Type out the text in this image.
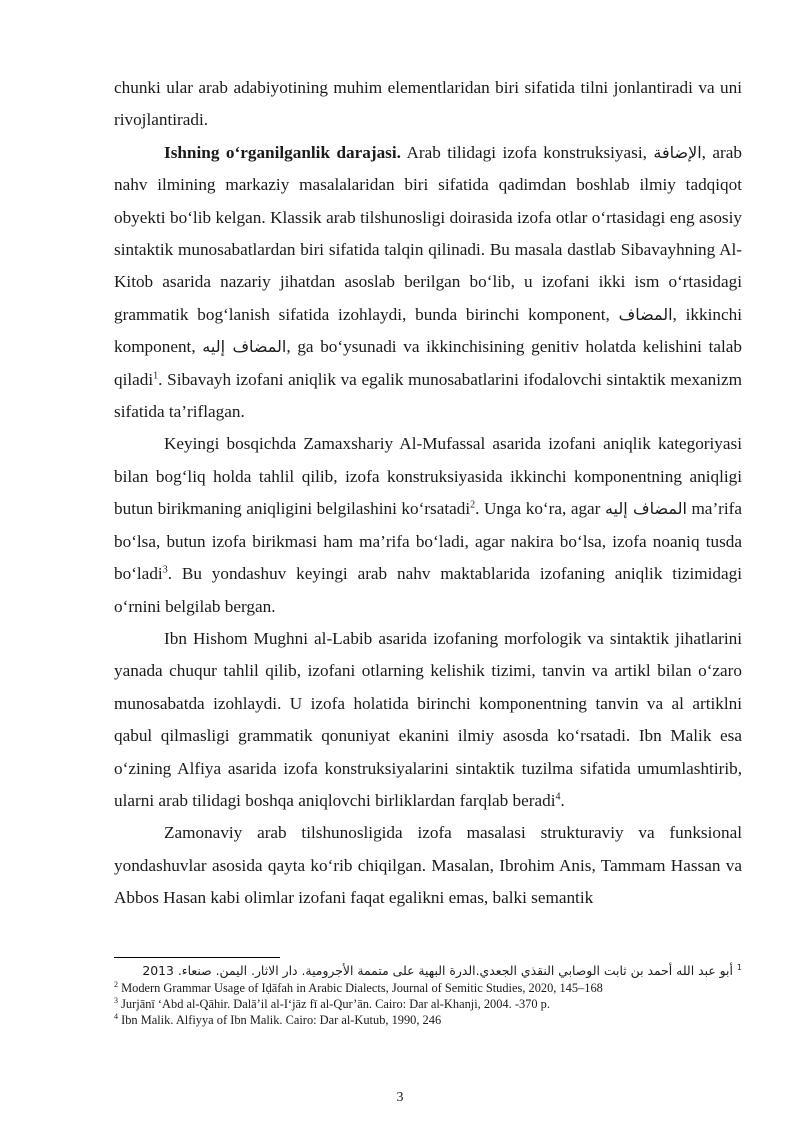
chunki ular arab adabiyotining muhim elementlaridan biri sifatida tilni jonlantiradi va uni rivojlantiradi.

Ishning o‘rganilganlik darajasi. Arab tilidagi izofa konstruksiyasi, الإضافة, arab nahv ilmining markaziy masalalaridan biri sifatida qadimdan boshlab ilmiy tadqiqot obyekti bo‘lib kelgan. Klassik arab tilshunosligi doirasida izofa otlar o‘rtasidagi eng asosiy sintaktik munosabatlardan biri sifatida talqin qilinadi. Bu masala dastlab Sibavayhning Al-Kitob asarida nazariy jihatdan asoslab berilgan bo‘lib, u izofani ikki ism o‘rtasidagi grammatik bog‘lanish sifatida izohlaydi, bunda birinchi komponent, المضاف, ikkinchi komponent, المضاف إليه, ga bo‘ysunadi va ikkinchisining genitiv holatda kelishini talab qiladi$^1$. Sibavayh izofani aniqlik va egalik munosabatlarini ifodalovchi sintaktik mexanizm sifatida ta’riflagan.

Keyingi bosqichda Zamaxshariy Al-Mufassal asarida izofani aniqlik kategoriyasi bilan bog‘liq holda tahlil qilib, izofa konstruksiyasida ikkinchi komponentning aniqligi butun birikmaning aniqligini belgilashini ko‘rsatadi$^2$. Unga ko‘ra, agar المضاف إليه ma’rifa bo‘lsa, butun izofa birikmasi ham ma’rifa bo‘ladi, agar nakira bo‘lsa, izofa noaniq tusda bo‘ladi$^3$. Bu yondashuv keyingi arab nahv maktablarida izofaning aniqlik tizimidagi o‘rnini belgilab bergan.

Ibn Hishom Mughni al-Labib asarida izofaning morfologik va sintaktik jihatlarini yanada chuqur tahlil qilib, izofani otlarning kelishik tizimi, tanvin va artikl bilan o‘zaro munosabatda izohlaydi. U izofa holatida birinchi komponentning tanvin va al artiklni qabul qilmasligi grammatik qonuniyat ekanini ilmiy asosda ko‘rsatadi. Ibn Malik esa o‘zining Alfiya asarida izofa konstruksiyalarini sintaktik tuzilma sifatida umumlashtirib, ularni arab tilidagi boshqa aniqlovchi birliklardan farqlab beradi$^4$.

Zamonaviy arab tilshunosligida izofa masalasi strukturaviy va funksional yondashuvlar asosida qayta ko‘rib chiqilgan. Masalan, Ibrohim Anis, Tammam Hassan va Abbos Hasan kabi olimlar izofani faqat egalikni emas, balki semantik

$^1$ أبو عبد الله أحمد بن ثابت الوصابي النقذي الجعدي.الدرة البهية على متممة الأجرومية. دار الاثار. اليمن. صنعاء. 2013

$^2$ Modern Grammar Usage of Iḍāfah in Arabic Dialects, Journal of Semitic Studies, 2020, 145–168

$^3$ Jurjānī ‘Abd al-Qāhir. Dalā’il al-I‘jāz fī al-Qur’ān. Cairo: Dar al-Khanji, 2004. -370 p.

$^4$ Ibn Malik. Alfiyya of Ibn Malik. Cairo: Dar al-Kutub, 1990, 246

3
